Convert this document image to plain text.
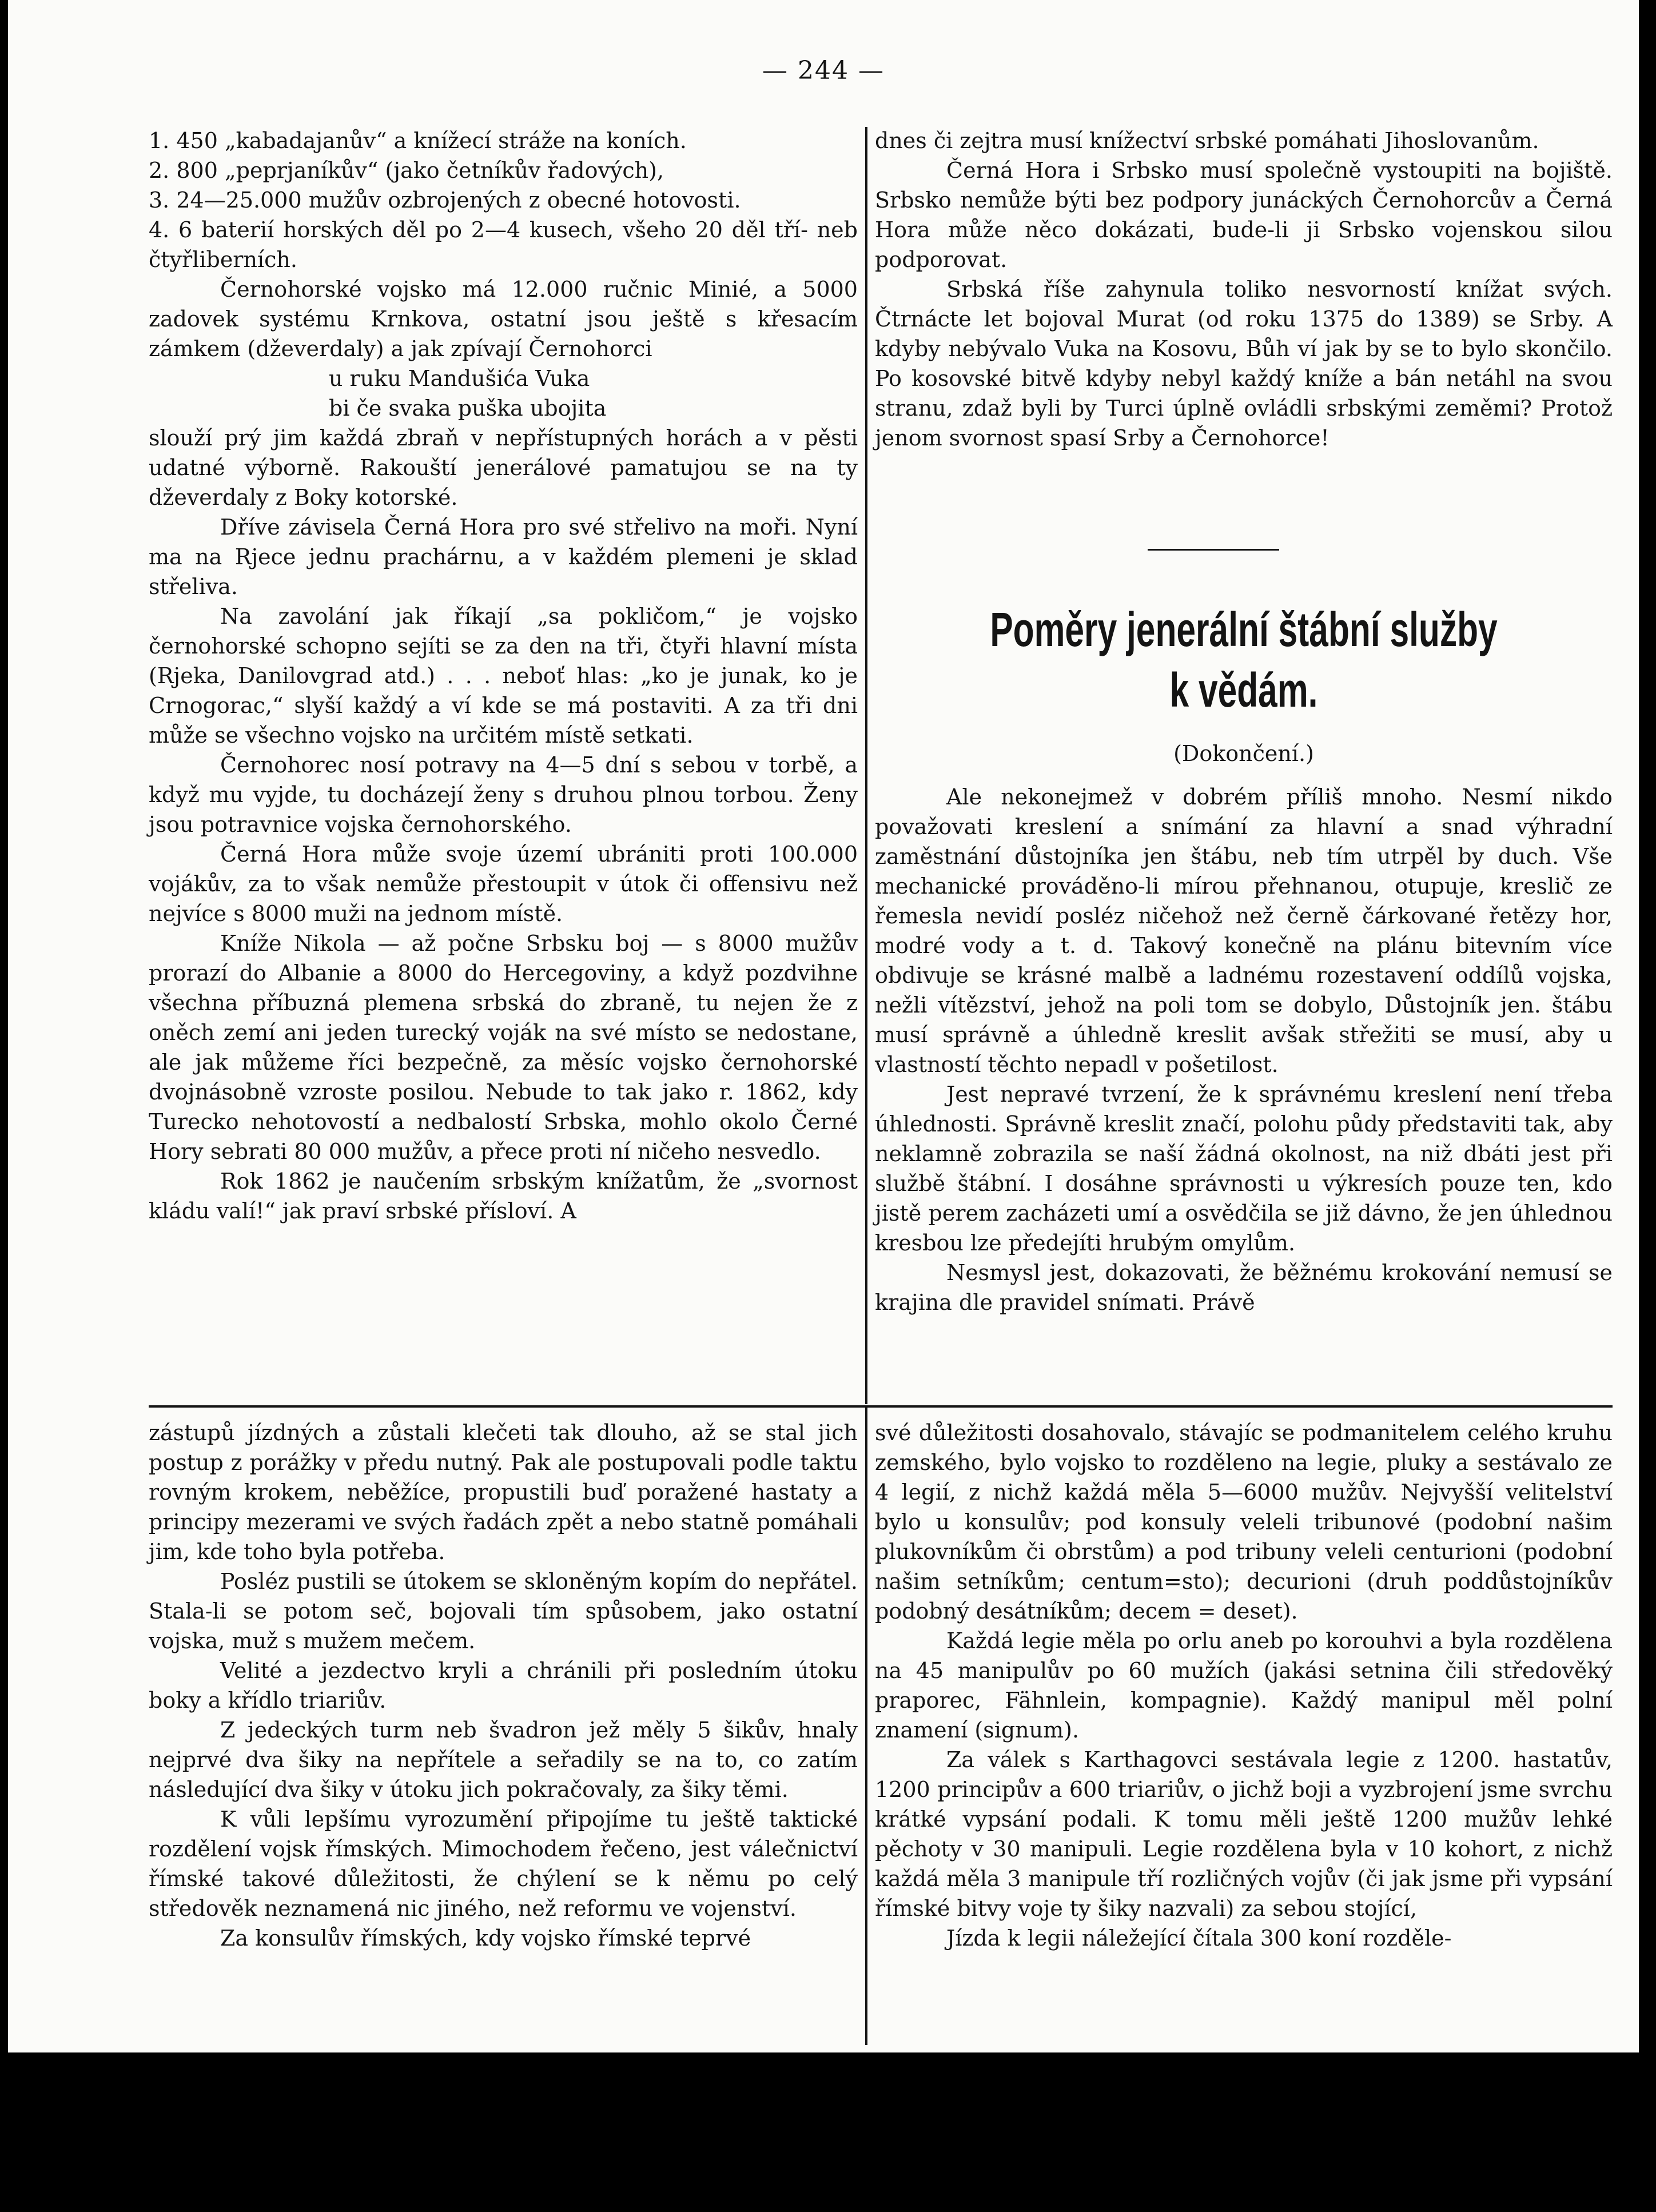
— 244 —

1. 450 „kabadajanův“ a knížecí stráže na koních.

2. 800 „peprjaníkův“ (jako četníkův řadových),

3. 24—25.000 mužův ozbrojených z obecné hotovosti.

4. 6 baterií horských děl po 2—4 kusech, všeho 20 děl tří- neb čtyřliberních.

Černohorské vojsko má 12.000 ručnic Minié, a 5000 zadovek systému Krnkova, ostatní jsou ještě s křesacím zámkem (dževerdaly) a jak zpívají Černohorci

u ruku Mandušića Vuka

bi če svaka puška ubojita

slouží prý jim každá zbraň v nepřístupných horách a v pěsti udatné výborně. Rakouští jenerálové pamatujou se na ty dževerdaly z Boky kotorské.

Dříve závisela Černá Hora pro své střelivo na moři. Nyní ma na Rjece jednu prachárnu, a v každém plemeni je sklad střeliva.

Na zavolání jak říkají „sa pokličom,“ je vojsko černohorské schopno sejíti se za den na tři, čtyři hlavní místa (Rjeka, Danilovgrad atd.) . . . neboť hlas: „ko je junak, ko je Crnogorac,“ slyší každý a ví kde se má postaviti. A za tři dni může se všechno vojsko na určitém místě setkati.

Černohorec nosí potravy na 4—5 dní s sebou v torbě, a když mu vyjde, tu docházejí ženy s druhou plnou torbou. Ženy jsou potravnice vojska černohorského.

Černá Hora může svoje území ubrániti proti 100.000 vojákův, za to však nemůže přestoupit v útok či offensivu než nejvíce s 8000 muži na jednom místě.

Kníže Nikola — až počne Srbsku boj — s 8000 mužův prorazí do Albanie a 8000 do Hercegoviny, a když pozdvihne všechna příbuzná plemena srbská do zbraně, tu nejen že z oněch zemí ani jeden turecký voják na své místo se nedostane, ale jak můžeme říci bezpečně, za měsíc vojsko černohorské dvojnásobně vzroste posilou. Nebude to tak jako r. 1862, kdy Turecko nehotovostí a nedbalostí Srbska, mohlo okolo Černé Hory sebrati 80 000 mužův, a přece proti ní ničeho nesvedlo.

Rok 1862 je naučením srbským knížatům, že „svornost kládu valí!“ jak praví srbské přísloví. A

dnes či zejtra musí knížectví srbské pomáhati Jihoslovanům.

Černá Hora i Srbsko musí společně vystoupiti na bojiště. Srbsko nemůže býti bez podpory junáckých Černohorcův a Černá Hora může něco dokázati, bude-li ji Srbsko vojenskou silou podporovat.

Srbská říše zahynula toliko nesvorností knížat svých. Čtrnácte let bojoval Murat (od roku 1375 do 1389) se Srby. A kdyby nebývalo Vuka na Kosovu, Bůh ví jak by se to bylo skončilo. Po kosovské bitvě kdyby nebyl každý kníže a bán netáhl na svou stranu, zdaž byli by Turci úplně ovládli srbskými zeměmi? Protož jenom svornost spasí Srby a Černohorce!

Poměry jenerální štábní služby k vědám.
(Dokončení.)

Ale nekonejmež v dobrém příliš mnoho. Nesmí nikdo považovati kreslení a snímání za hlavní a snad výhradní zaměstnání důstojníka jen štábu, neb tím utrpěl by duch. Vše mechanické prováděno-li mírou přehnanou, otupuje, kreslič ze řemesla nevidí posléz ničehož než černě čárkované řetězy hor, modré vody a t. d. Takový konečně na plánu bitevním více obdivuje se krásné malbě a ladnému rozestavení oddílů vojska, nežli vítězství, jehož na poli tom se dobylo, Důstojník jen. štábu musí správně a úhledně kreslit avšak střežiti se musí, aby u vlastností těchto nepadl v pošetilost.

Jest nepravé tvrzení, že k správnému kreslení není třeba úhlednosti. Správně kreslit značí, polohu půdy představiti tak, aby neklamně zobrazila se naší žádná okolnost, na niž dbáti jest při službě štábní. I dosáhne správnosti u výkresích pouze ten, kdo jistě perem zacházeti umí a osvědčila se již dávno, že jen úhlednou kresbou lze předejíti hrubým omylům.

Nesmysl jest, dokazovati, že běžnému krokování nemusí se krajina dle pravidel snímati. Právě

zástupů jízdných a zůstali klečeti tak dlouho, až se stal jich postup z porážky v předu nutný. Pak ale postupovali podle taktu rovným krokem, neběžíce, propustili buď poražené hastaty a principy mezerami ve svých řadách zpět a nebo statně pomáhali jim, kde toho byla potřeba.

Posléz pustili se útokem se skloněným kopím do nepřátel. Stala-li se potom seč, bojovali tím spůsobem, jako ostatní vojska, muž s mužem mečem.

Velité a jezdectvo kryli a chránili při posledním útoku boky a křídlo triariův.

Z jedeckých turm neb švadron jež měly 5 šikův, hnaly nejprvé dva šiky na nepřítele a seřadily se na to, co zatím následující dva šiky v útoku jich pokračovaly, za šiky těmi.

K vůli lepšímu vyrozumění připojíme tu ještě taktické rozdělení vojsk římských. Mimochodem řečeno, jest válečnictví římské takové důležitosti, že chýlení se k němu po celý středověk neznamená nic jiného, než reformu ve vojenství.

Za konsulův římských, kdy vojsko římské teprvé

své důležitosti dosahovalo, stávajíc se podmanitelem celého kruhu zemského, bylo vojsko to rozděleno na legie, pluky a sestávalo ze 4 legií, z nichž každá měla 5—6000 mužův. Nejvyšší velitelství bylo u konsulův; pod konsuly veleli tribunové (podobní našim plukovníkům či obrstům) a pod tribuny veleli centurioni (podobní našim setníkům; centum=sto); decurioni (druh poddůstojníkův podobný desátníkům; decem = deset).

Každá legie měla po orlu aneb po korouhvi a byla rozdělena na 45 manipulův po 60 mužích (jakási setnina čili středověký praporec, Fähnlein, kompagnie). Každý manipul měl polní znamení (signum).

Za válek s Karthagovci sestávala legie z 1200. hastatův, 1200 principův a 600 triariův, o jichž boji a vyzbrojení jsme svrchu krátké vypsání podali. K tomu měli ještě 1200 mužův lehké pěchoty v 30 manipuli. Legie rozdělena byla v 10 kohort, z nichž každá měla 3 manipule tří rozličných vojův (či jak jsme při vypsání římské bitvy voje ty šiky nazvali) za sebou stojící,

Jízda k legii náležející čítala 300 koní rozděle-
